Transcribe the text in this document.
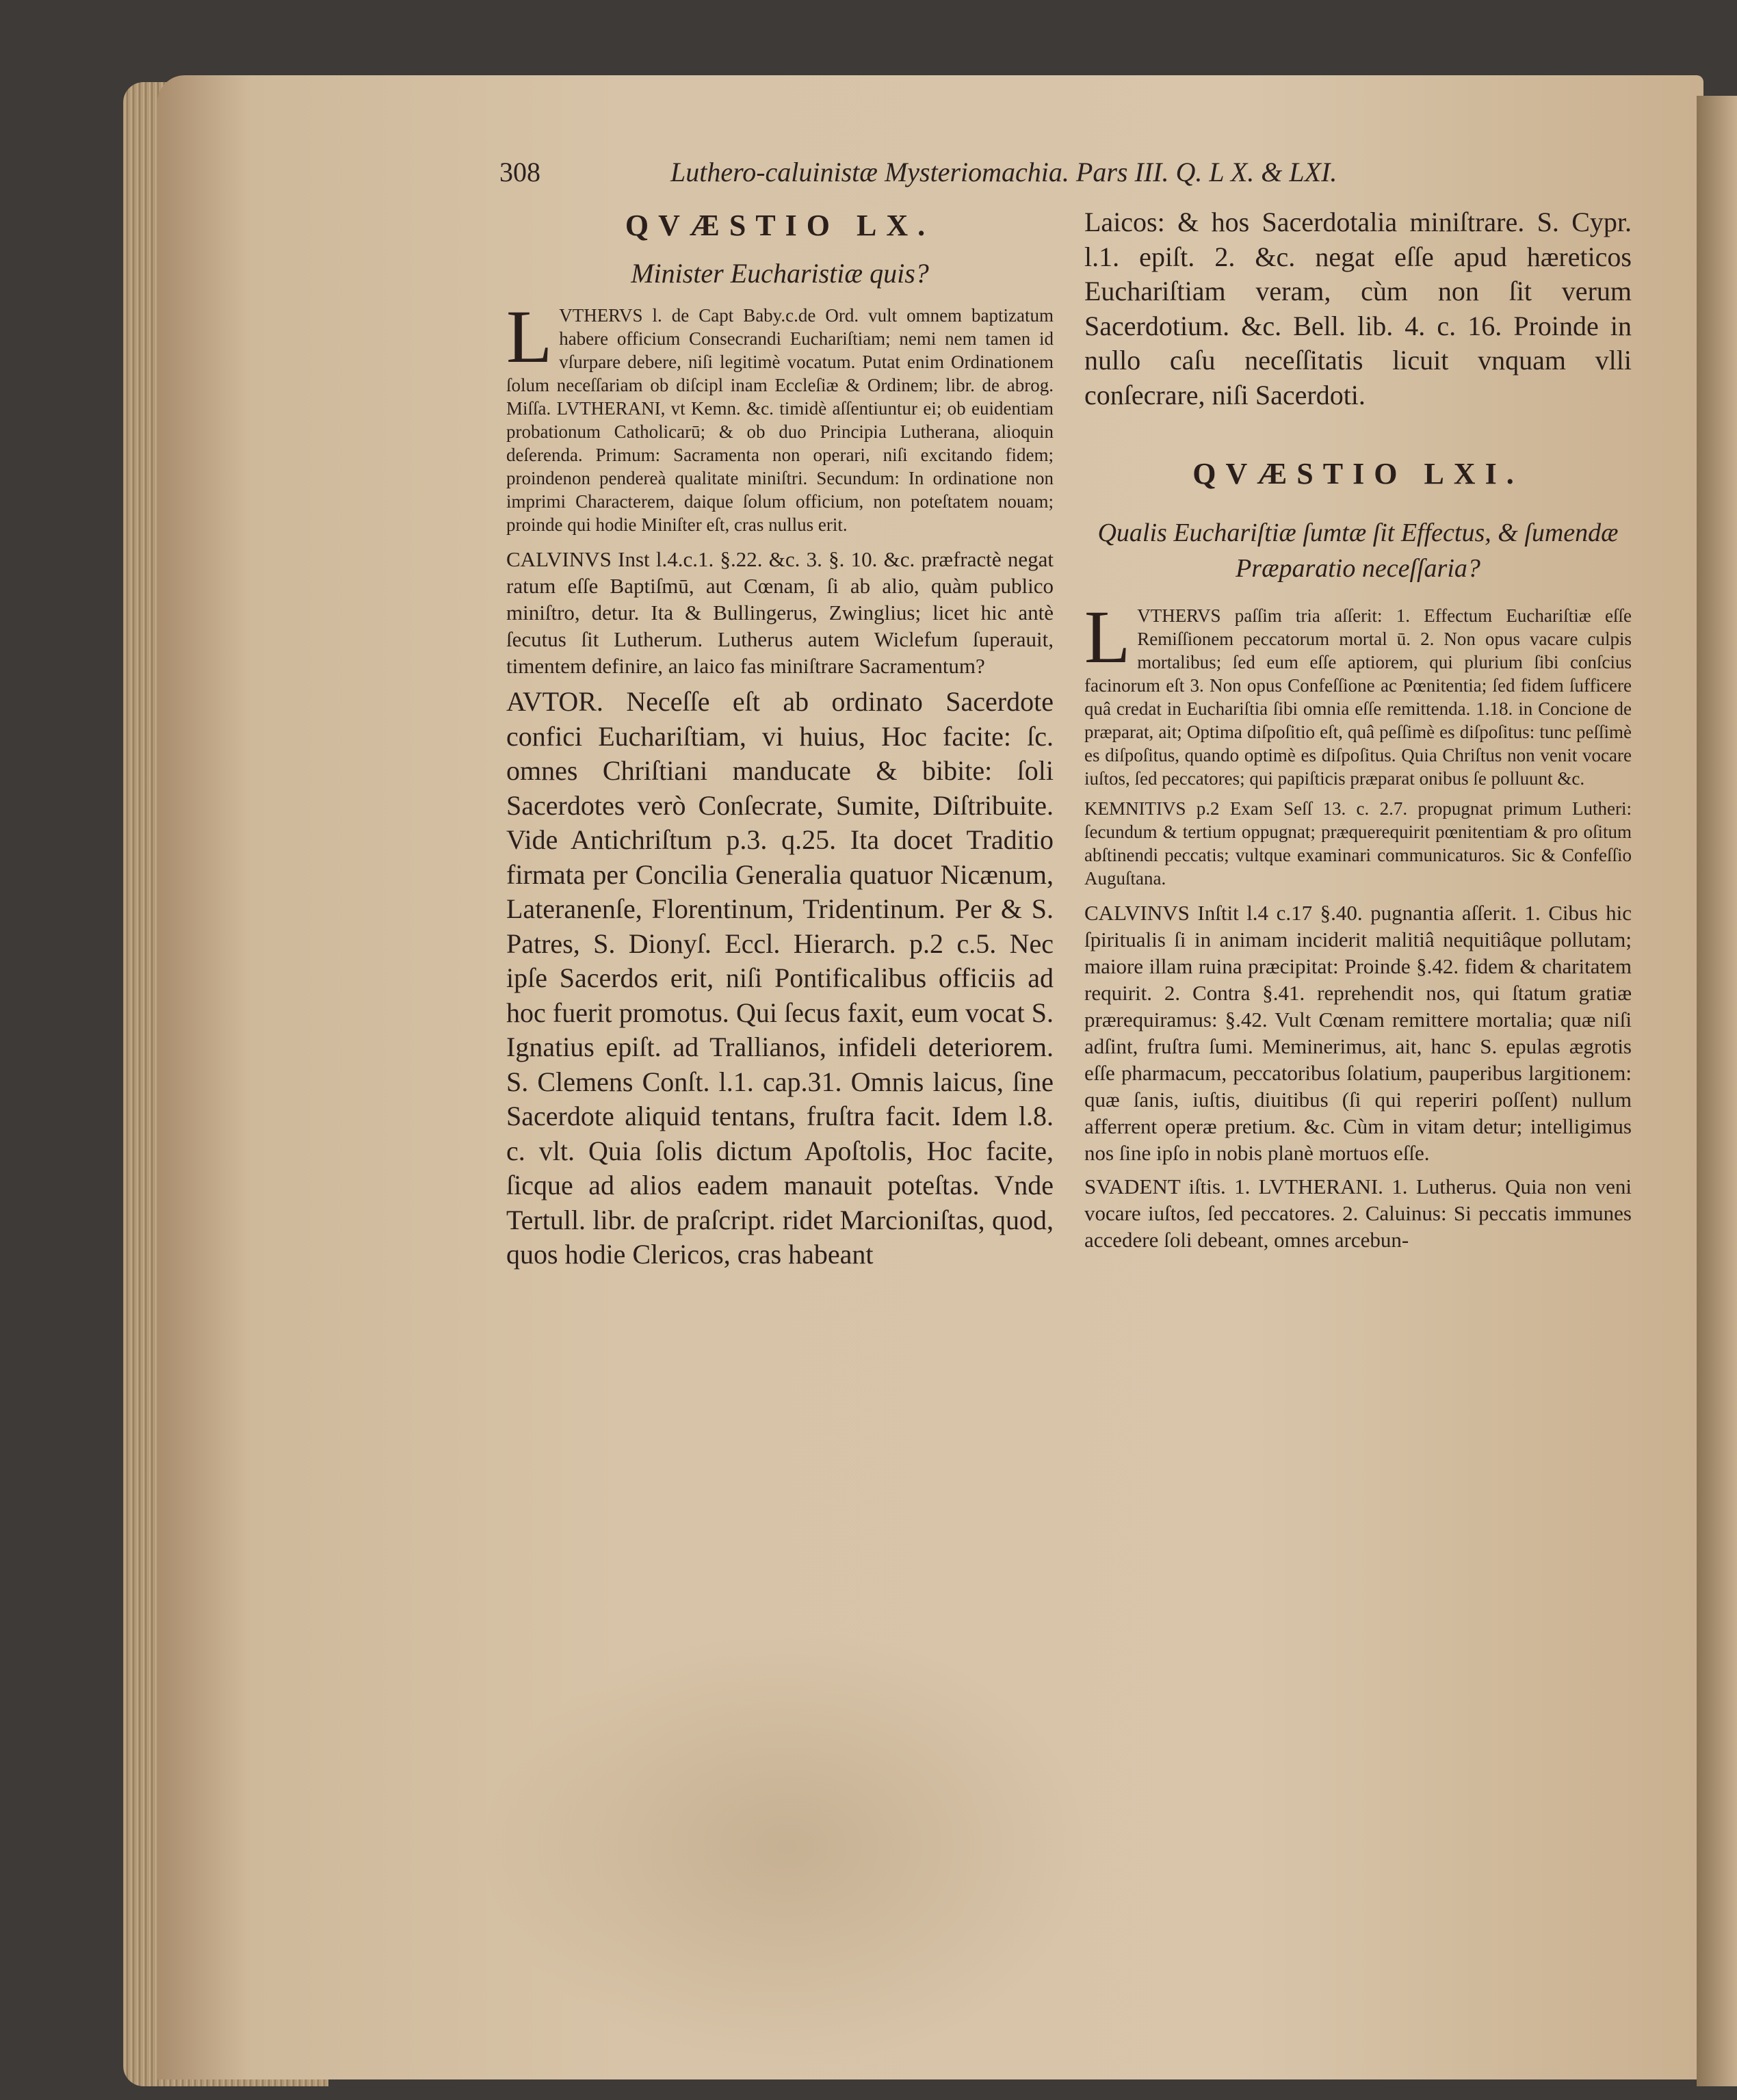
308	Luthero-caluinistæ Mysteriomachia. Pars III. Q. L X. & LXI.
QVÆSTIO LX.
Minister Eucharistiæ quis?

L VTHERVS l. de Capt Baby.c.de Ord. vult omnem baptizatum habere officium Consecrandi Euchariſtiam; nemi nem tamen id vſurpare debere, niſi legitimè vocatum. Putat enim Ordinationem ſolum neceſſariam ob diſcipl inam Eccleſiæ & Ordinem; libr. de abrog. Miſſa. LVTHERANI, vt Kemn. &c. timidè aſſentiuntur ei; ob euidentiam probationum Catholicarū; & ob duo Principia Lutherana, alioquin deſerenda. Primum: Sacramenta non operari, niſi excitando fidem; proindenon pendereà qualitate miniſtri. Secundum: In ordinatione non imprimi Characterem, daique ſolum officium, non poteſtatem nouam; proinde qui hodie Miniſter eſt, cras nullus erit.

CALVINVS Inst l.4.c.1. §.22. &c. 3. §. 10. &c. præfractè negat ratum eſſe Baptiſmū, aut Cœnam, ſi ab alio, quàm publico miniſtro, detur. Ita & Bullingerus, Zwinglius; licet hic antè ſecutus ſit Lutherum. Lutherus autem Wiclefum ſuperauit, timentem definire, an laico fas miniſtrare Sacramentum?

AVTOR. Neceſſe eſt ab ordinato Sacerdote confici Euchariſtiam, vi huius, Hoc facite: ſc. omnes Chriſtiani manducate & bibite: ſoli Sacerdotes verò Conſecrate, Sumite, Diſtribuite. Vide Antichriſtum p.3. q.25. Ita docet Traditio firmata per Concilia Generalia quatuor Nicænum, Lateranenſe, Florentinum, Tridentinum. Per & S. Patres, S. Dionyſ. Eccl. Hierarch. p.2 c.5. Nec ipſe Sacerdos erit, niſi Pontificalibus officiis ad hoc fuerit promotus. Qui ſecus faxit, eum vocat S. Ignatius epiſt. ad Trallianos, infideli deteriorem. S. Clemens Conſt. l.1. cap.31. Omnis laicus, ſine Sacerdote aliquid tentans, fruſtra facit. Idem l.8. c. vlt. Quia ſolis dictum Apoſtolis, Hoc facite, ſicque ad alios eadem manauit poteſtas. Vnde Tertull. libr. de praſcript. ridet Marcioniſtas, quod, quos hodie Clericos, cras habeant

Laicos: & hos Sacerdotalia miniſtrare. S. Cypr. l.1. epiſt. 2. &c. negat eſſe apud hæreticos Euchariſtiam veram, cùm non ſit verum Sacerdotium. &c. Bell. lib. 4. c. 16. Proinde in nullo caſu neceſſitatis licuit vnquam vlli conſecrare, niſi Sacerdoti.

QVÆSTIO LXI.
Qualis Euchariſtiæ ſumtæ ſit Effectus, & ſumendæ Præparatio neceſſaria?

L VTHERVS paſſim tria aſſerit: 1. Effectum Euchariſtiæ eſſe Remiſſionem peccatorum mortal ū. 2. Non opus vacare culpis mortalibus; ſed eum eſſe aptiorem, qui plurium ſibi conſcius facinorum eſt 3. Non opus Confeſſione ac Pœnitentia; ſed fidem ſufficere quâ credat in Euchariſtia ſibi omnia eſſe remittenda. 1.18. in Concione de præparat, ait; Optima diſpoſitio eſt, quâ peſſimè es diſpoſitus: tunc peſſimè es diſpoſitus, quando optimè es diſpoſitus. Quia Chriſtus non venit vocare iuſtos, ſed peccatores; qui papiſticis præparat onibus ſe polluunt &c.

KEMNITIVS p.2 Exam Seſſ 13. c. 2.7. propugnat primum Lutheri: ſecundum & tertium oppugnat; præquerequirit pœnitentiam & pro oſitum abſtinendi peccatis; vultque examinari communicaturos. Sic & Confeſſio Auguſtana.

CALVINVS Inſtit l.4 c.17 §.40. pugnantia aſſerit. 1. Cibus hic ſpiritualis ſi in animam inciderit malitiâ nequitiâque pollutam; maiore illam ruina præcipitat: Proinde §.42. fidem & charitatem requirit. 2. Contra §.41. reprehendit nos, qui ſtatum gratiæ prærequiramus: §.42. Vult Cœnam remittere mortalia; quæ niſi adſint, fruſtra ſumi. Meminerimus, ait, hanc S. epulas ægrotis eſſe pharmacum, peccatoribus ſolatium, pauperibus largitionem: quæ ſanis, iuſtis, diuitibus (ſi qui reperiri poſſent) nullum afferrent operæ pretium. &c. Cùm in vitam detur; intelligimus nos ſine ipſo in nobis planè mortuos eſſe.

SVADENT iſtis. 1. LVTHERANI. 1. Lutherus. Quia non veni vocare iuſtos, ſed peccatores. 2. Caluinus: Si peccatis immunes accedere ſoli debeant, omnes arcebun-
